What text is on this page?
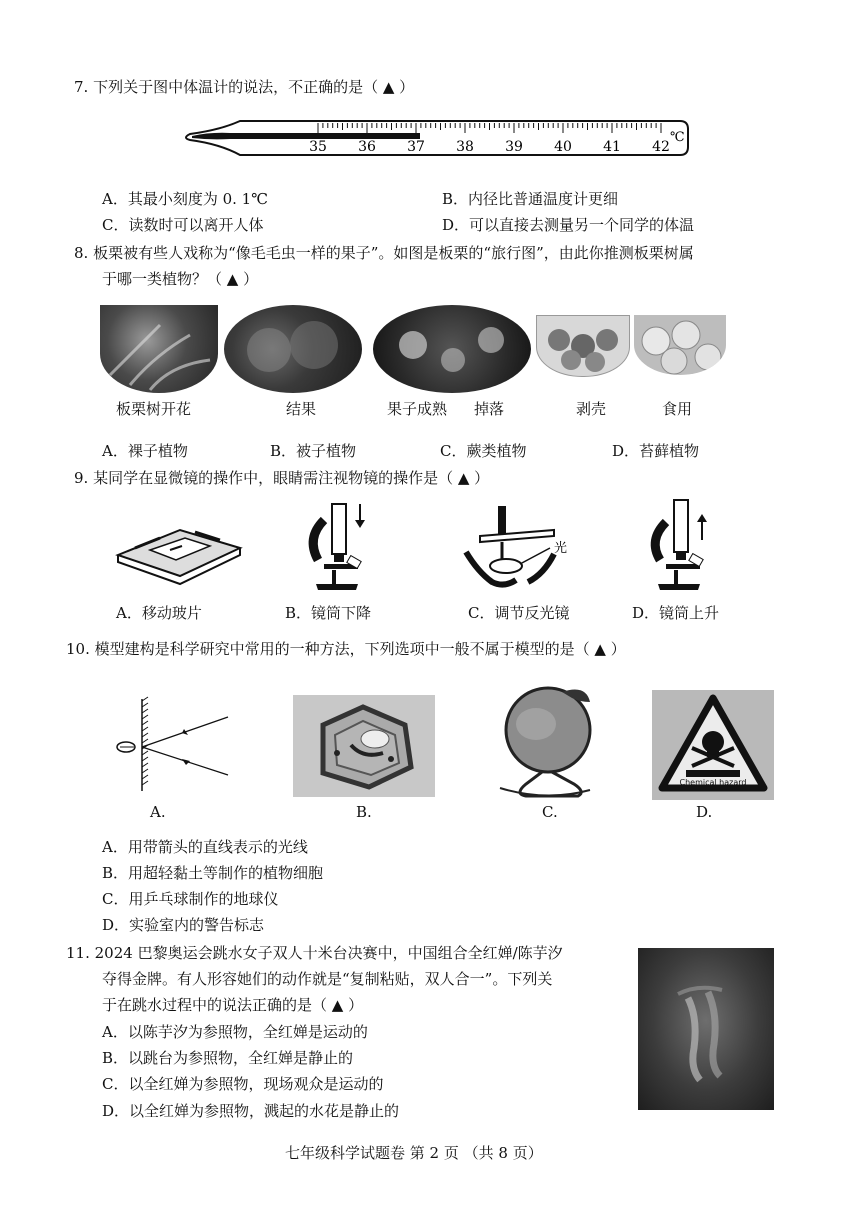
7. 下列关于图中体温计的说法，不正确的是（ ▲ ）
35 36 37 38 39 40 41 42
℃
A．其最小刻度为 0. 1℃	B．内径比普通温度计更细
C．读数时可以离开人体	D．可以直接去测量另一个同学的体温
8. 板栗被有些人戏称为“像毛毛虫一样的果子”。如图是板栗的“旅行图”，由此你推测板栗树属
于哪一类植物？（ ▲ ）
板栗树开花	结果	果子成熟 掉落	剥壳	食用
A．裸子植物	B．被子植物	C．蕨类植物	D．苔藓植物
9. 某同学在显微镜的操作中，眼睛需注视物镜的操作是（ ▲ ）
光
A．移动玻片	B．镜筒下降	C．调节反光镜	D．镜筒上升
10. 模型建构是科学研究中常用的一种方法，下列选项中一般不属于模型的是（ ▲ ）
Chemical hazard
A.	B.	C.	D.
A．用带箭头的直线表示的光线
B．用超轻黏土等制作的植物细胞
C．用乒乓球制作的地球仪
D．实验室内的警告标志
11. 2024 巴黎奥运会跳水女子双人十米台决赛中，中国组合全红婵/陈芋汐
夺得金牌。有人形容她们的动作就是“复制粘贴，双人合一”。下列关
于在跳水过程中的说法正确的是（ ▲ ）
A．以陈芋汐为参照物，全红婵是运动的
B．以跳台为参照物，全红婵是静止的
C．以全红婵为参照物，现场观众是运动的
D．以全红婵为参照物，溅起的水花是静止的
七年级科学试题卷 第 2 页 （共 8 页）
